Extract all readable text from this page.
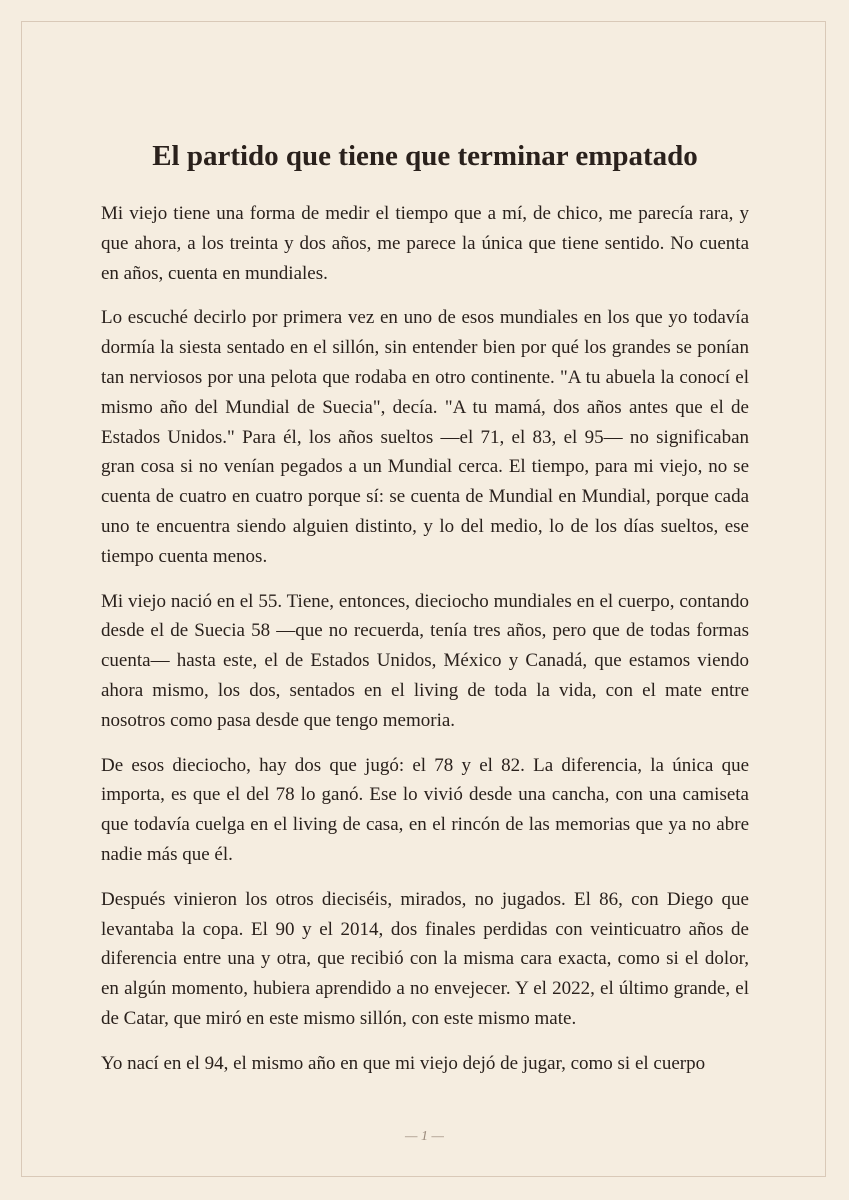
El partido que tiene que terminar empatado

Mi viejo tiene una forma de medir el tiempo que a mí, de chico, me parecía rara, y que ahora, a los treinta y dos años, me parece la única que tiene sentido. No cuenta en años, cuenta en mundiales.

Lo escuché decirlo por primera vez en uno de esos mundiales en los que yo todavía dormía la siesta sentado en el sillón, sin entender bien por qué los grandes se ponían tan nerviosos por una pelota que rodaba en otro continente. "A tu abuela la conocí el mismo año del Mundial de Suecia", decía. "A tu mamá, dos años antes que el de Estados Unidos." Para él, los años sueltos —el 71, el 83, el 95— no significaban gran cosa si no venían pegados a un Mundial cerca. El tiempo, para mi viejo, no se cuenta de cuatro en cuatro porque sí: se cuenta de Mundial en Mundial, porque cada uno te encuentra siendo alguien distinto, y lo del medio, lo de los días sueltos, ese tiempo cuenta menos.

Mi viejo nació en el 55. Tiene, entonces, dieciocho mundiales en el cuerpo, contando desde el de Suecia 58 —que no recuerda, tenía tres años, pero que de todas formas cuenta— hasta este, el de Estados Unidos, México y Canadá, que estamos viendo ahora mismo, los dos, sentados en el living de toda la vida, con el mate entre nosotros como pasa desde que tengo memoria.

De esos dieciocho, hay dos que jugó: el 78 y el 82. La diferencia, la única que importa, es que el del 78 lo ganó. Ese lo vivió desde una cancha, con una camiseta que todavía cuelga en el living de casa, en el rincón de las memorias que ya no abre nadie más que él.

Después vinieron los otros dieciséis, mirados, no jugados. El 86, con Diego que levantaba la copa. El 90 y el 2014, dos finales perdidas con veinticuatro años de diferencia entre una y otra, que recibió con la misma cara exacta, como si el dolor, en algún momento, hubiera aprendido a no envejecer. Y el 2022, el último grande, el de Catar, que miró en este mismo sillón, con este mismo mate.

Yo nací en el 94, el mismo año en que mi viejo dejó de jugar, como si el cuerpo

— 1 —
